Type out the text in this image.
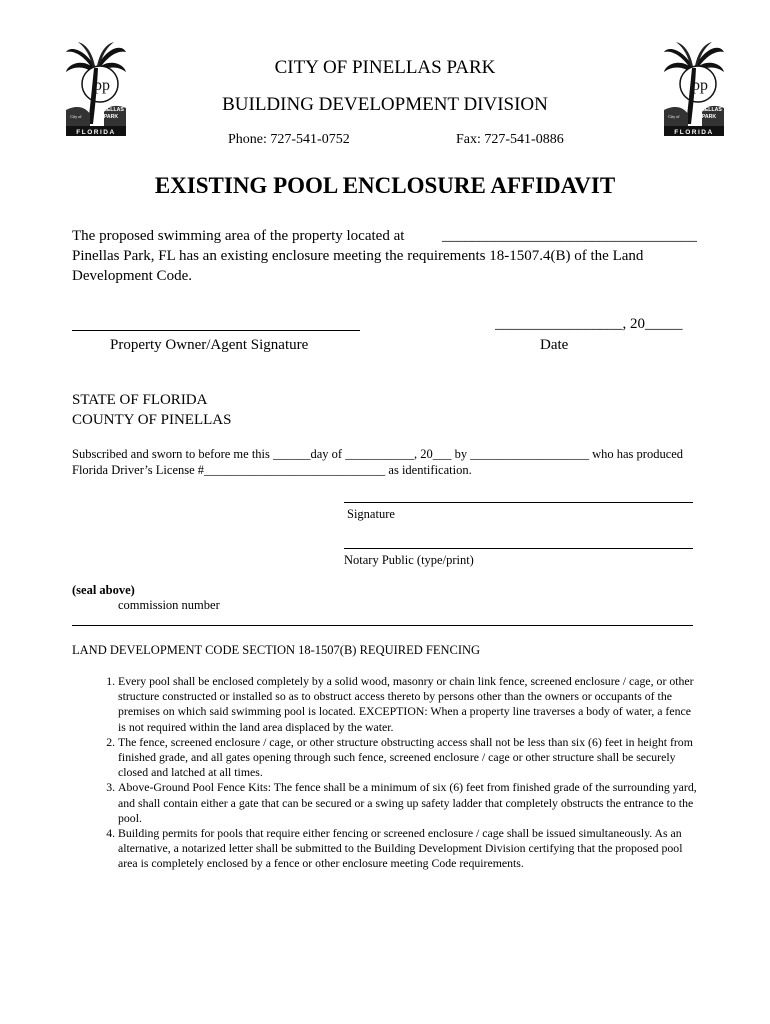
pp
PINELLAS
PARK
City of
FLORIDA
pp
PINELLAS
PARK
City of
FLORIDA
CITY OF PINELLAS PARK
BUILDING DEVELOPMENT DIVISION
Phone: 727-541-0752	Fax: 727-541-0886
EXISTING POOL ENCLOSURE AFFIDAVIT
The proposed swimming area of the property located at	__________________________________
Pinellas Park, FL has an existing enclosure meeting the requirements 18-1507.4(B) of the Land
Development Code.
Property Owner/Agent Signature
_________________, 20_____
Date
STATE OF FLORIDA
COUNTY OF PINELLAS
Subscribed and sworn to before me this ______day of ___________, 20___ by ___________________ who has produced
Florida Driver’s License #_____________________________ as identification.
Signature
Notary Public (type/print)
(seal above)
commission number
LAND DEVELOPMENT CODE SECTION 18-1507(B) REQUIRED FENCING
1. Every pool shall be enclosed completely by a solid wood, masonry or chain link fence, screened enclosure / cage, or other structure constructed or installed so as to obstruct access thereto by persons other than the owners or occupants of the premises on which said swimming pool is located. EXCEPTION: When a property line traverses a body of water, a fence is not required within the land area displaced by the water.
2. The fence, screened enclosure / cage, or other structure obstructing access shall not be less than six (6) feet in height from finished grade, and all gates opening through such fence, screened enclosure / cage or other structure shall be securely closed and latched at all times.
3. Above-Ground Pool Fence Kits: The fence shall be a minimum of six (6) feet from finished grade of the surrounding yard, and shall contain either a gate that can be secured or a swing up safety ladder that completely obstructs the entrance to the pool.
4. Building permits for pools that require either fencing or screened enclosure / cage shall be issued simultaneously. As an alternative, a notarized letter shall be submitted to the Building Development Division certifying that the proposed pool area is completely enclosed by a fence or other enclosure meeting Code requirements.
